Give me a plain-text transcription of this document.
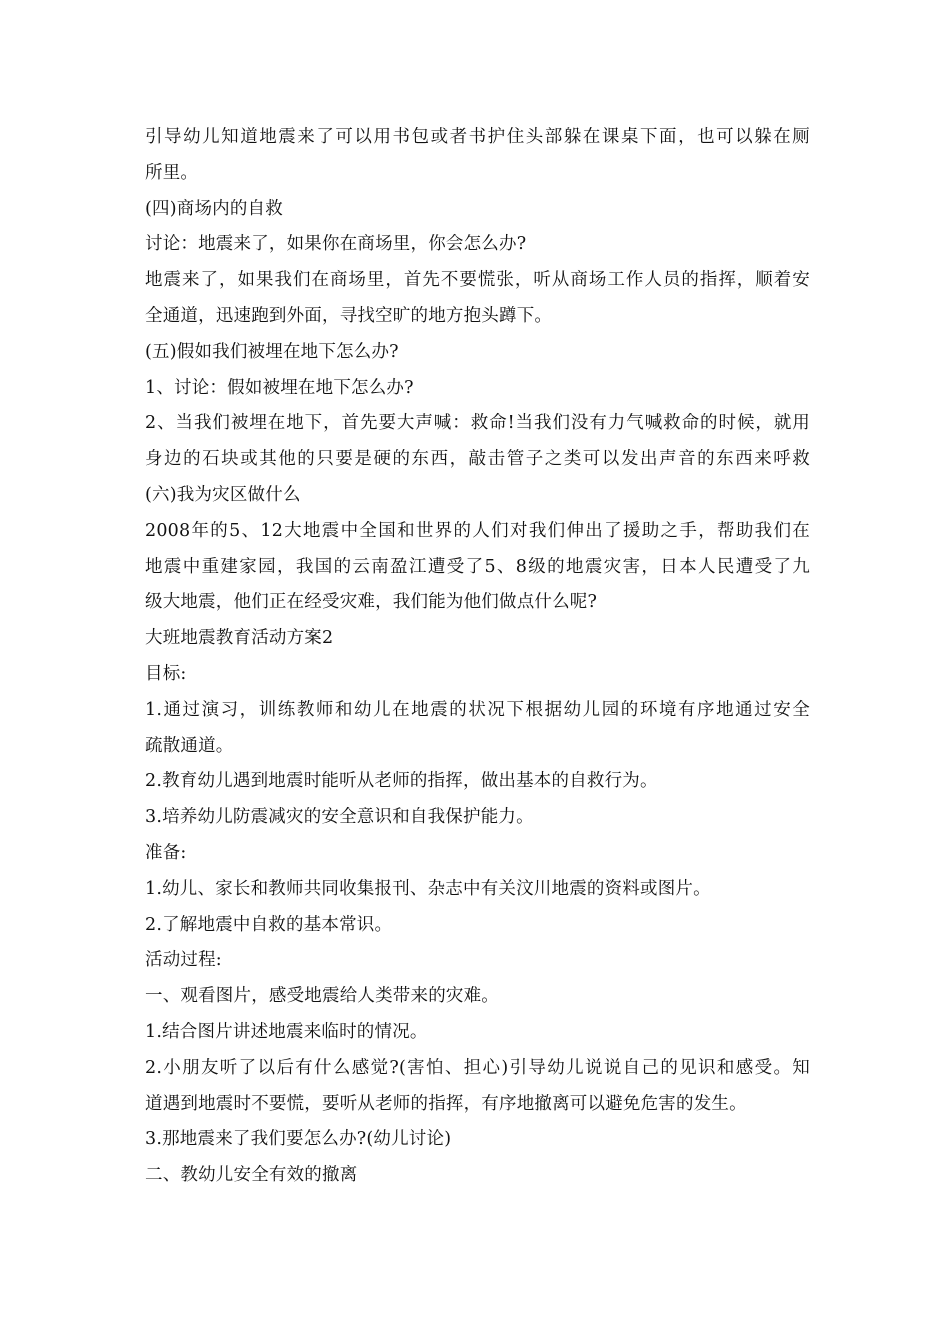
引导幼儿知道地震来了可以用书包或者书护住头部躲在课桌下面，也可以躲在厕
所里。
(四)商场内的自救
讨论：地震来了，如果你在商场里，你会怎么办?
地震来了，如果我们在商场里，首先不要慌张，听从商场工作人员的指挥，顺着安
全通道，迅速跑到外面，寻找空旷的地方抱头蹲下。
(五)假如我们被埋在地下怎么办?
1、讨论：假如被埋在地下怎么办?
2、当我们被埋在地下，首先要大声喊：救命!当我们没有力气喊救命的时候，就用
身边的石块或其他的只要是硬的东西，敲击管子之类可以发出声音的东西来呼救
(六)我为灾区做什么
2008年的5、12大地震中全国和世界的人们对我们伸出了援助之手，帮助我们在
地震中重建家园，我国的云南盈江遭受了5、8级的地震灾害，日本人民遭受了九
级大地震，他们正在经受灾难，我们能为他们做点什么呢?
大班地震教育活动方案2
目标:
1.通过演习，训练教师和幼儿在地震的状况下根据幼儿园的环境有序地通过安全
疏散通道。
2.教育幼儿遇到地震时能听从老师的指挥，做出基本的自救行为。
3.培养幼儿防震减灾的安全意识和自我保护能力。
准备:
1.幼儿、家长和教师共同收集报刊、杂志中有关汶川地震的资料或图片。
2.了解地震中自救的基本常识。
活动过程:
一、观看图片，感受地震给人类带来的灾难。
1.结合图片讲述地震来临时的情况。
2.小朋友听了以后有什么感觉?(害怕、担心)引导幼儿说说自己的见识和感受。知
道遇到地震时不要慌，要听从老师的指挥，有序地撤离可以避免危害的发生。
3.那地震来了我们要怎么办?(幼儿讨论)
二、教幼儿安全有效的撤离
